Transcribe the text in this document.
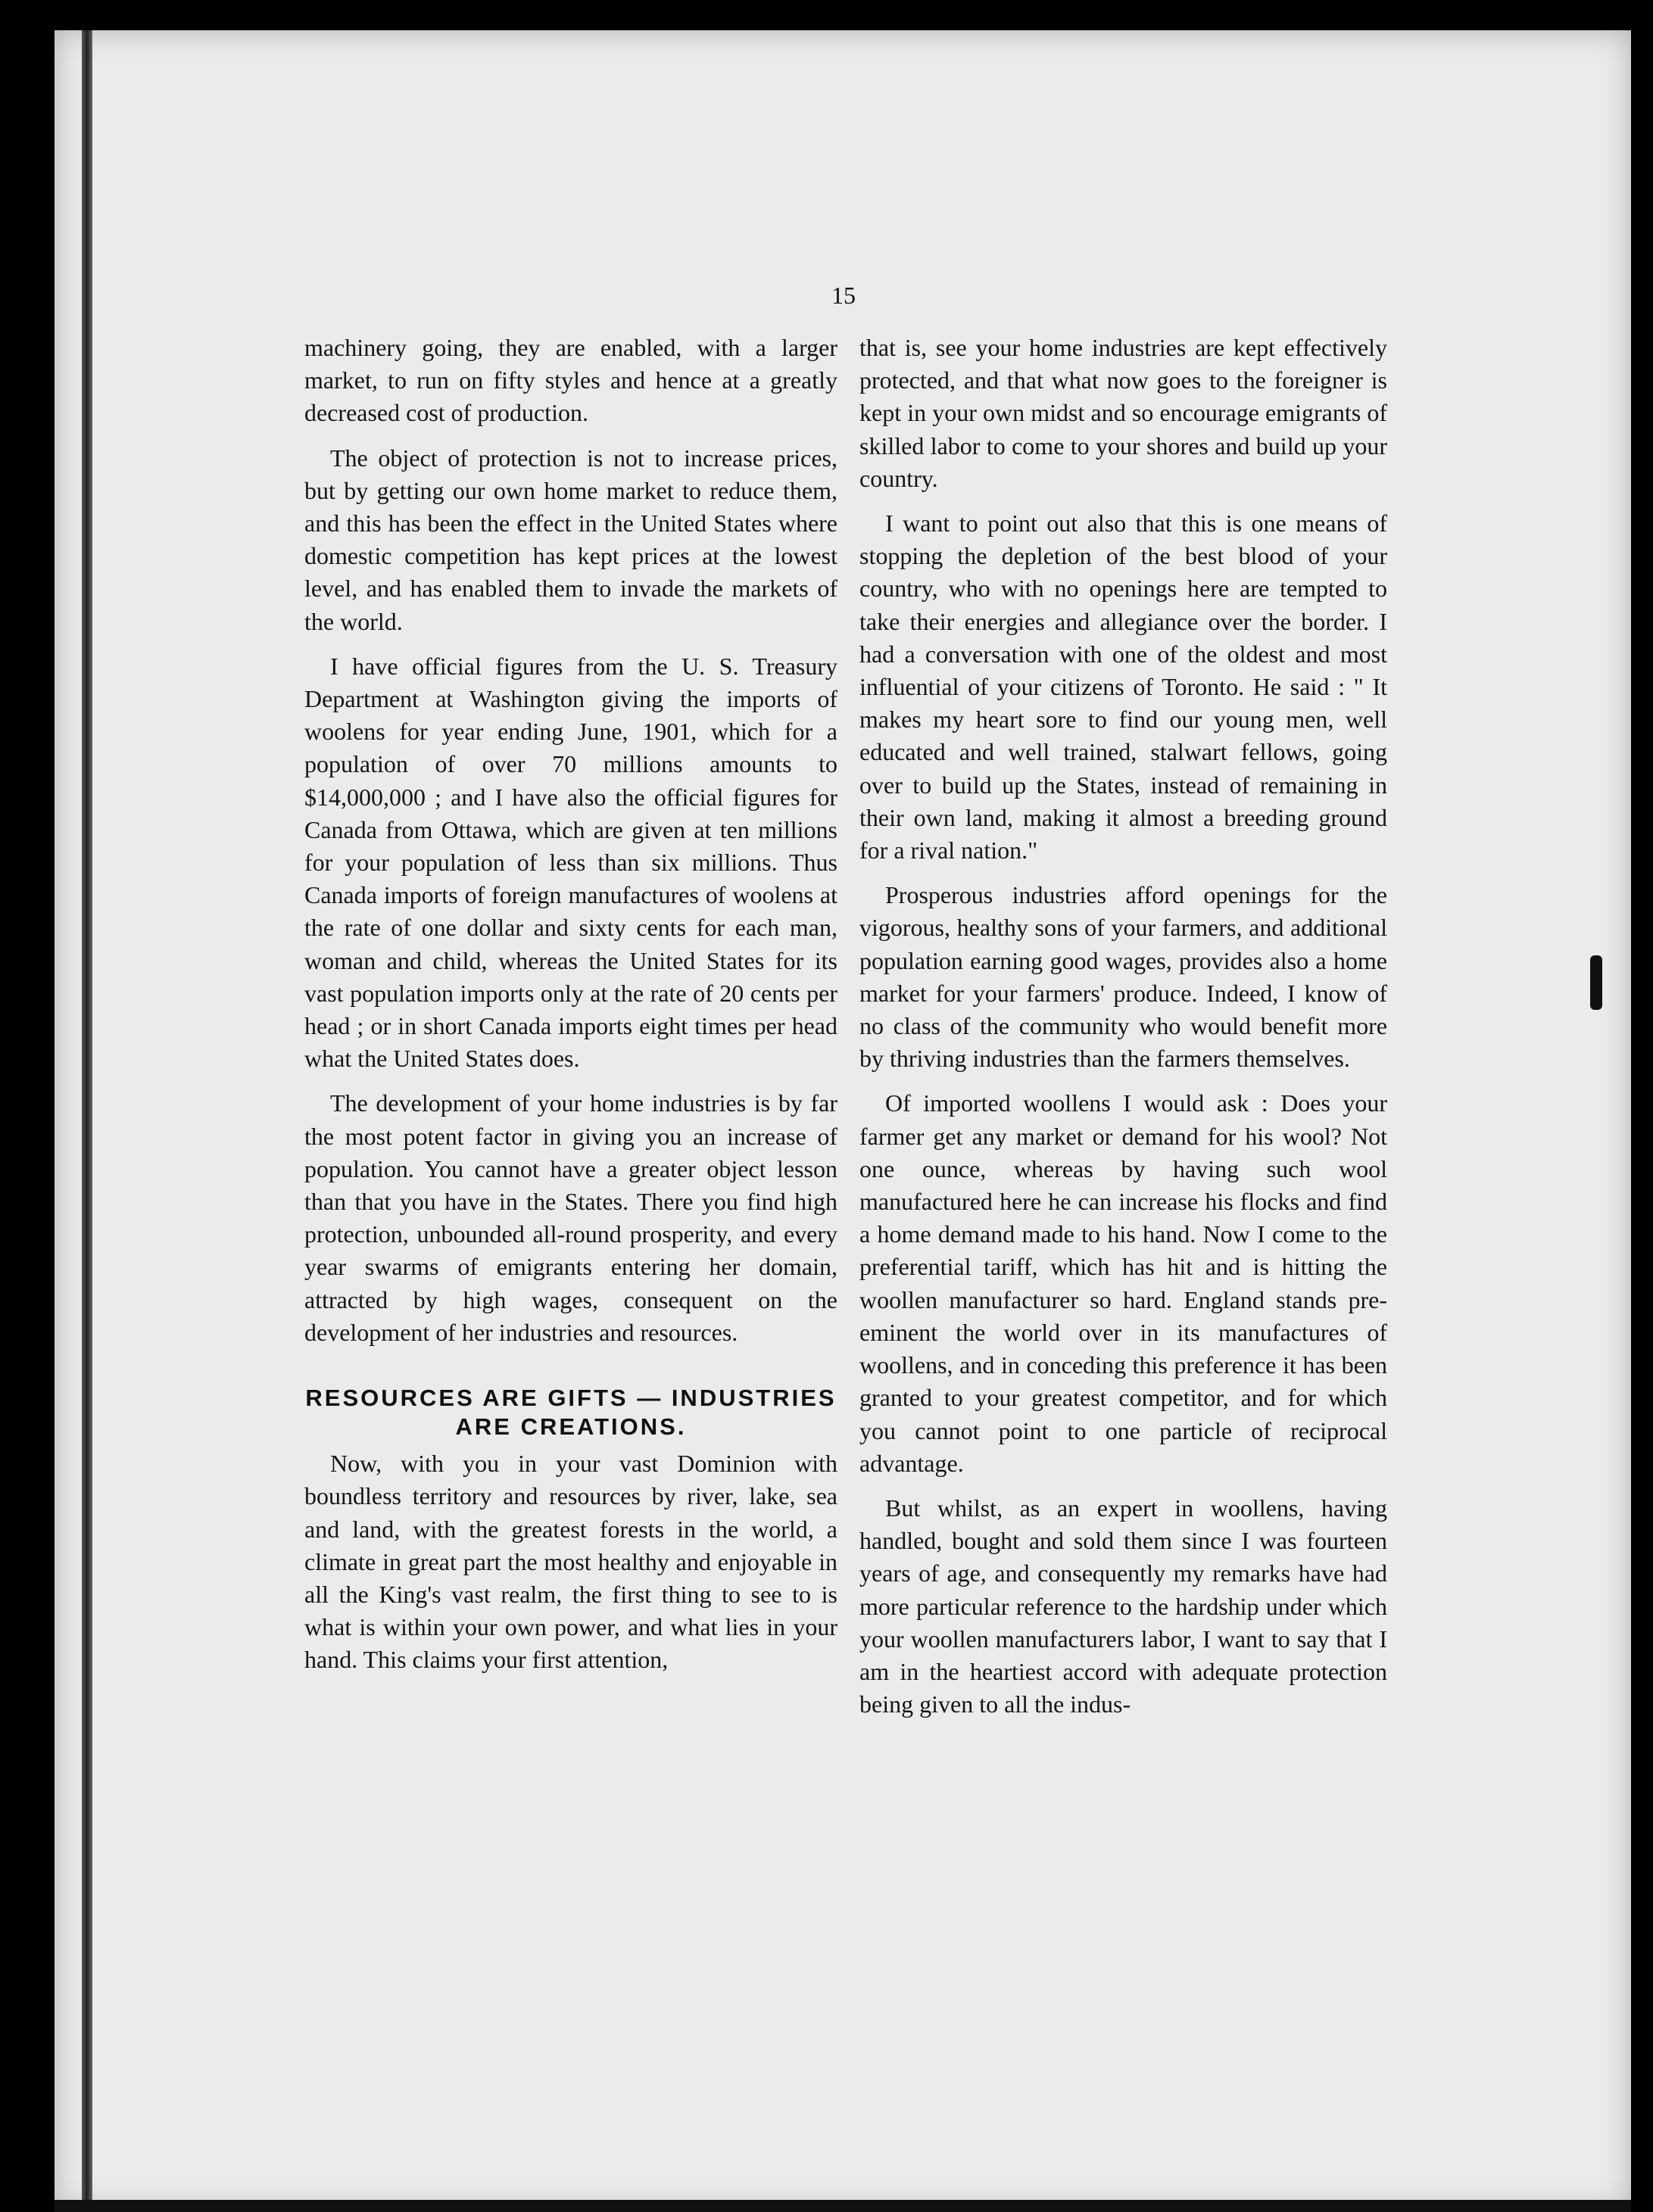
15

machinery going, they are enabled, with a larger market, to run on fifty styles and hence at a greatly decreased cost of production.

The object of protection is not to increase prices, but by getting our own home market to reduce them, and this has been the effect in the United States where domestic competition has kept prices at the lowest level, and has enabled them to invade the markets of the world.

I have official figures from the U. S. Treasury Department at Washington giving the imports of woolens for year ending June, 1901, which for a population of over 70 millions amounts to $14,000,000 ; and I have also the official figures for Canada from Ottawa, which are given at ten millions for your population of less than six millions. Thus Canada imports of foreign manufactures of woolens at the rate of one dollar and sixty cents for each man, woman and child, whereas the United States for its vast population imports only at the rate of 20 cents per head ; or in short Canada imports eight times per head what the United States does.

The development of your home industries is by far the most potent factor in giving you an increase of population. You cannot have a greater object lesson than that you have in the States. There you find high protection, unbounded all-round prosperity, and every year swarms of emigrants entering her domain, attracted by high wages, consequent on the development of her industries and resources.

RESOURCES ARE GIFTS — INDUSTRIES ARE CREATIONS.

Now, with you in your vast Dominion with boundless territory and resources by river, lake, sea and land, with the greatest forests in the world, a climate in great part the most healthy and enjoyable in all the King's vast realm, the first thing to see to is what is within your own power, and what lies in your hand. This claims your first attention,

that is, see your home industries are kept effectively protected, and that what now goes to the foreigner is kept in your own midst and so encourage emigrants of skilled labor to come to your shores and build up your country.

I want to point out also that this is one means of stopping the depletion of the best blood of your country, who with no openings here are tempted to take their energies and allegiance over the border. I had a conversation with one of the oldest and most influential of your citizens of Toronto. He said : " It makes my heart sore to find our young men, well educated and well trained, stalwart fellows, going over to build up the States, instead of remaining in their own land, making it almost a breeding ground for a rival nation."

Prosperous industries afford openings for the vigorous, healthy sons of your farmers, and additional population earning good wages, provides also a home market for your farmers' produce. Indeed, I know of no class of the community who would benefit more by thriving industries than the farmers themselves.

Of imported woollens I would ask : Does your farmer get any market or demand for his wool? Not one ounce, whereas by having such wool manufactured here he can increase his flocks and find a home demand made to his hand. Now I come to the preferential tariff, which has hit and is hitting the woollen manufacturer so hard. England stands pre-eminent the world over in its manufactures of woollens, and in conceding this preference it has been granted to your greatest competitor, and for which you cannot point to one particle of reciprocal advantage.

But whilst, as an expert in woollens, having handled, bought and sold them since I was fourteen years of age, and consequently my remarks have had more particular reference to the hardship under which your woollen manufacturers labor, I want to say that I am in the heartiest accord with adequate protection being given to all the indus-
